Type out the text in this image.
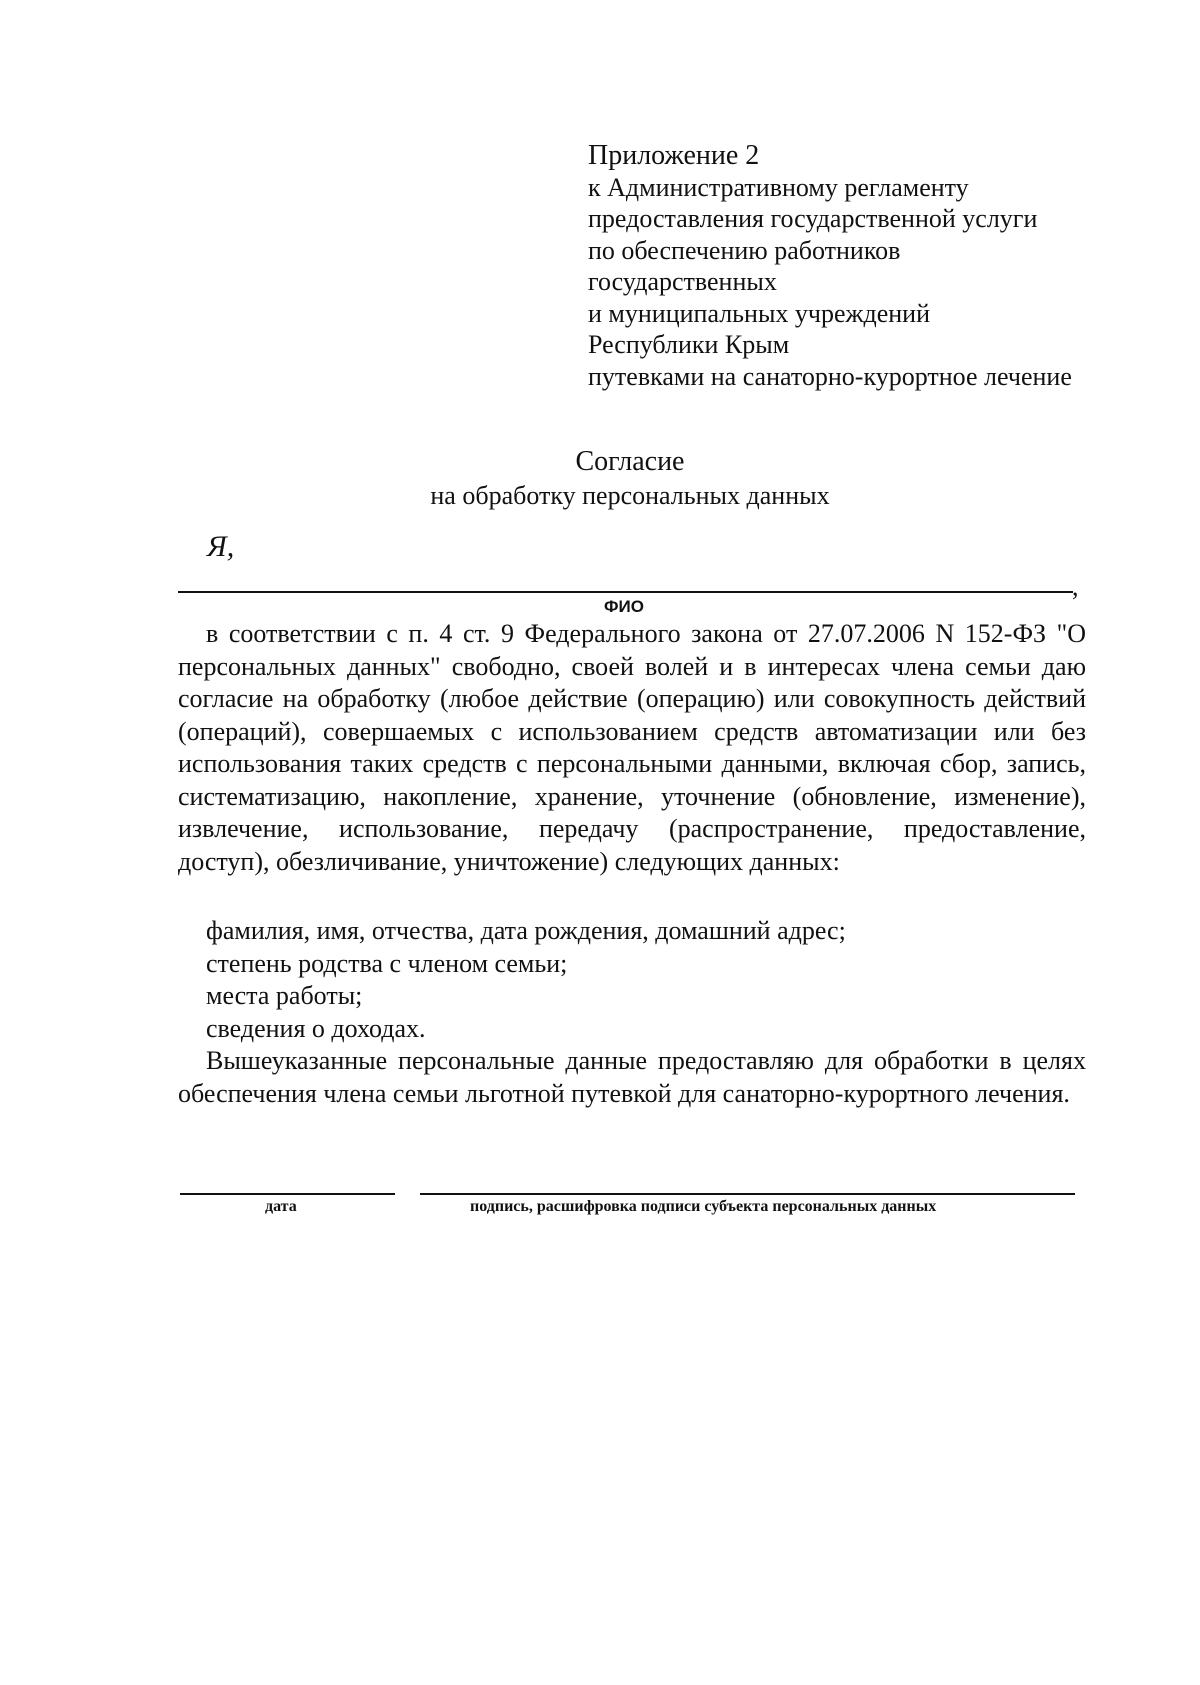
Приложение 2
к Административному регламенту
предоставления государственной услуги
по обеспечению работников
государственных
и муниципальных учреждений
Республики Крым
путевками на санаторно-курортное лечение
Согласие
на обработку персональных данных
Я,
,
ФИО

в соответствии с п. 4 ст. 9 Федерального закона от 27.07.2006 N 152-ФЗ "О персональных данных" свободно, своей волей и в интересах члена семьи даю согласие на обработку (любое действие (операцию) или совокупность действий (операций), совершаемых с использованием средств автоматизации или без использования таких средств с персональными данными, включая сбор, запись, систематизацию, накопление, хранение, уточнение (обновление, изменение), извлечение, использование, передачу (распространение, предоставление, доступ), обезличивание, уничтожение) следующих данных:

фамилия, имя, отчества, дата рождения, домашний адрес;
степень родства с членом семьи;
места работы;
сведения о доходах.

Вышеуказанные персональные данные предоставляю для обработки в целях обеспечения члена семьи льготной путевкой для санаторно-курортного лечения.

дата	подпись, расшифровка подписи субъекта персональных данных
